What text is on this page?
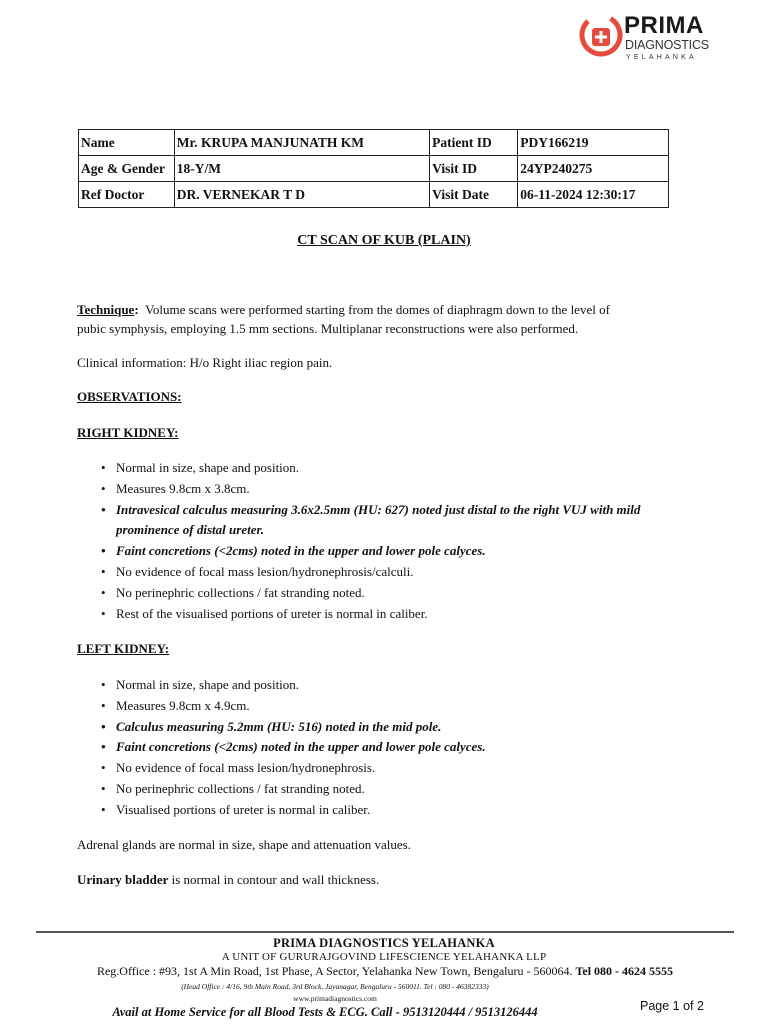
PRIMA
DIAGNOSTICS
YELAHANKA
Name	Mr. KRUPA MANJUNATH KM	Patient ID	PDY166219
Age & Gender	18-Y/M	Visit ID	24YP240275
Ref Doctor	DR. VERNEKAR T D	Visit Date	06-11-2024 12:30:17
CT SCAN OF KUB (PLAIN)
Technique: Volume scans were performed starting from the domes of diaphragm down to the level of
pubic symphysis, employing 1.5 mm sections. Multiplanar reconstructions were also performed.
Clinical information: H/o Right iliac region pain.
OBSERVATIONS:
RIGHT KIDNEY:
• Normal in size, shape and position.
• Measures 9.8cm x 3.8cm.
• Intravesical calculus measuring 3.6x2.5mm (HU: 627) noted just distal to the right VUJ with mild prominence of distal ureter.
• Faint concretions (<2cms) noted in the upper and lower pole calyces.
• No evidence of focal mass lesion/hydronephrosis/calculi.
• No perinephric collections / fat stranding noted.
• Rest of the visualised portions of ureter is normal in caliber.
LEFT KIDNEY:
• Normal in size, shape and position.
• Measures 9.8cm x 4.9cm.
• Calculus measuring 5.2mm (HU: 516) noted in the mid pole.
• Faint concretions (<2cms) noted in the upper and lower pole calyces.
• No evidence of focal mass lesion/hydronephrosis.
• No perinephric collections / fat stranding noted.
• Visualised portions of ureter is normal in caliber.
Adrenal glands are normal in size, shape and attenuation values.
Urinary bladder is normal in contour and wall thickness.
PRIMA DIAGNOSTICS YELAHANKA
A UNIT OF GURURAJGOVIND LIFESCIENCE YELAHANKA LLP
Reg.Office : #93, 1st A Min Road, 1st Phase, A Sector, Yelahanka New Town, Bengaluru - 560064. Tel 080 - 4624 5555
(Head Office : 4/16, 9th Main Road, 3rd Block, Jayanagar, Bengaluru - 560011. Tel : 080 - 46382333)
www.primadiagnostics.com
Avail at Home Service for all Blood Tests & ECG. Call - 9513120444 / 9513126444	Page 1 of 2
